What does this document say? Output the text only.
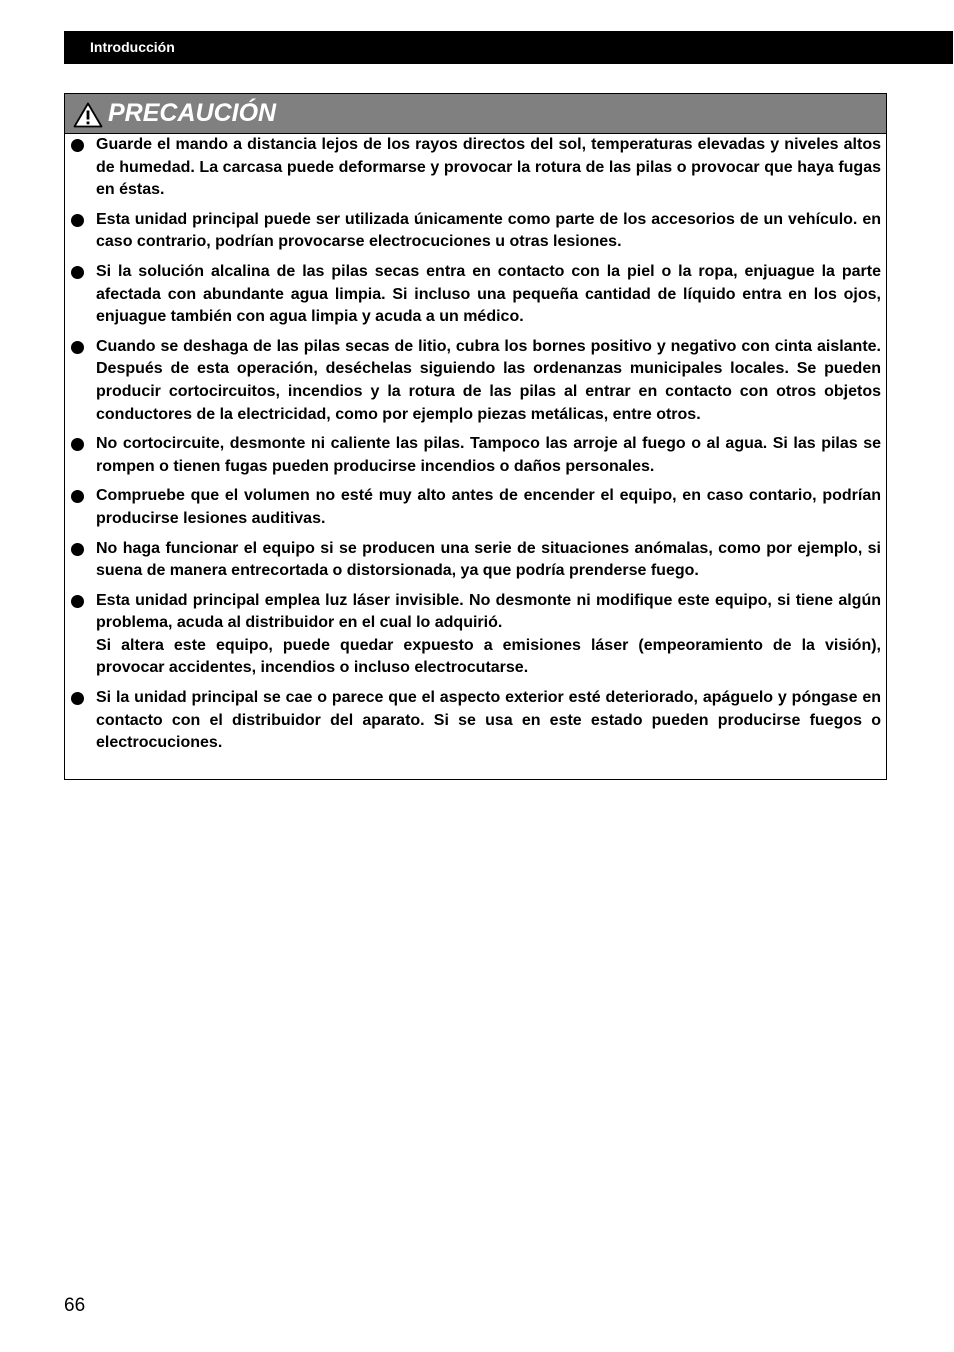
Introducción
PRECAUCIÓN
Guarde el mando a distancia lejos de los rayos directos del sol, temperaturas elevadas y niveles altos de humedad. La carcasa puede deformarse y provocar la rotura de las pilas o provocar que haya fugas en éstas.
Esta unidad principal puede ser utilizada únicamente como parte de los accesorios de un vehículo. en caso contrario, podrían provocarse electrocuciones u otras lesiones.
Si la solución alcalina de las pilas secas entra en contacto con la piel o la ropa, enjuague la parte afectada con abundante agua limpia. Si incluso una pequeña cantidad de líquido entra en los ojos, enjuague también con agua limpia y acuda a un médico.
Cuando se deshaga de las pilas secas de litio, cubra los bornes positivo y negativo con cinta aislante. Después de esta operación, deséchelas siguiendo las ordenanzas municipales locales. Se pueden producir cortocircuitos, incendios y la rotura de las pilas al entrar en contacto con otros objetos conductores de la electricidad, como por ejemplo piezas metálicas, entre otros.
No cortocircuite, desmonte ni caliente las pilas. Tampoco las arroje al fuego o al agua. Si las pilas se rompen o tienen fugas pueden producirse incendios o daños personales.
Compruebe que el volumen no esté muy alto antes de encender el equipo, en caso contario, podrían producirse lesiones auditivas.
No haga funcionar el equipo si se producen una serie de situaciones anómalas, como por ejemplo, si suena de manera entrecortada o distorsionada, ya que podría prenderse fuego.
Esta unidad principal emplea luz láser invisible. No desmonte ni modifique este equipo, si tiene algún problema, acuda al distribuidor en el cual lo adquirió.
Si altera este equipo, puede quedar expuesto a emisiones láser (empeoramiento de la visión), provocar accidentes, incendios o incluso electrocutarse.
Si la unidad principal se cae o parece que el aspecto exterior esté deteriorado, apáguelo y póngase en contacto con el distribuidor del aparato. Si se usa en este estado pueden producirse fuegos o electrocuciones.
66
